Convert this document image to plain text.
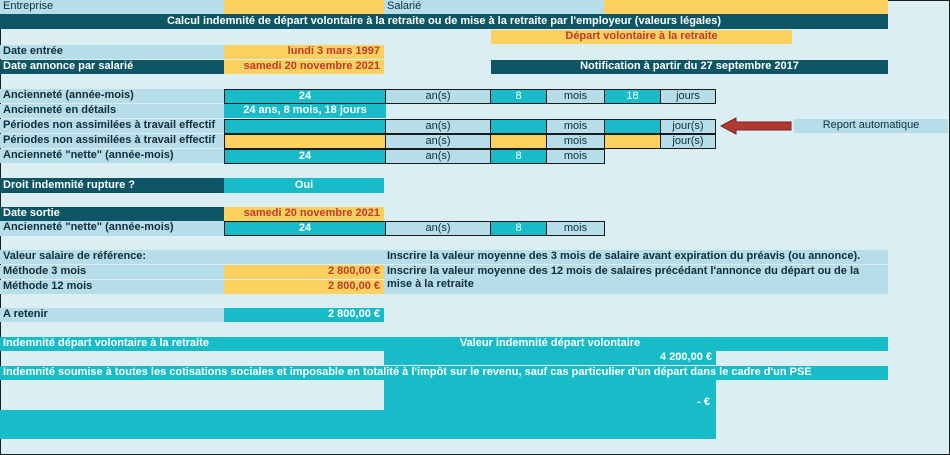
Entreprise	Salarié
Calcul indemnité de départ volontaire à la retraite ou de mise à la retraite par l'employeur (valeurs légales)
Départ volontaire à la retraite
Date entrée	lundi 3 mars 1997
Date annonce par salarié	samedi 20 novembre 2021	Notification à partir du 27 septembre 2017
Ancienneté (année-mois)	24	an(s)	8	mois	18	jours
Ancienneté en détails	24 ans, 8 mois, 18 jours
Périodes non assimilées à travail effectif	an(s)	mois	jour(s)	Report automatique
Périodes non assimilées à travail effectif	an(s)	mois	jour(s)
Ancienneté "nette" (année-mois)	24	an(s)	8	mois
Droit indemnité rupture ?	Oui
Date sortie	samedi 20 novembre 2021
Ancienneté "nette" (année-mois)	24	an(s)	8	mois
Valeur salaire de référence:	Inscrire la valeur moyenne des 3 mois de salaire avant expiration du préavis (ou annonce).
Méthode 3 mois	2 800,00 € Inscrire la valeur moyenne des 12 mois de salaires précédant l'annonce du départ ou de la mise à la retraite
Méthode 12 mois	2 800,00 €
A retenir	2 800,00 €
Indemnité départ volontaire à la retraite	Valeur indemnité départ volontaire
4 200,00 €
Indemnité soumise à toutes les cotisations sociales et imposable en totalité à l'impôt sur le revenu, sauf cas particulier d'un départ dans le cadre d'un PSE
- €
